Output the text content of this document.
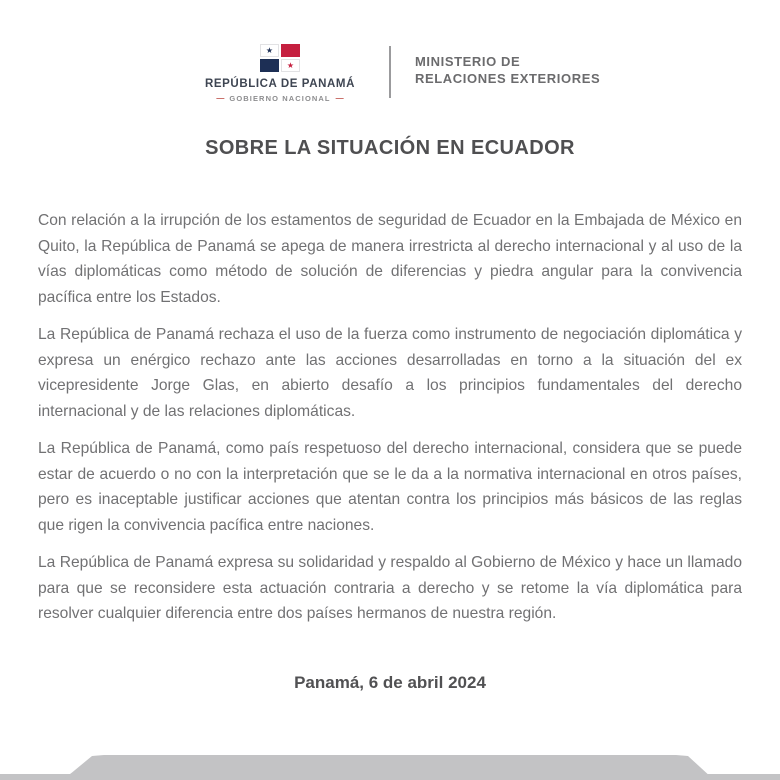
★
★
REPÚBLICA DE PANAMÁ
— GOBIERNO NACIONAL —
MINISTERIO DE
RELACIONES EXTERIORES
SOBRE LA SITUACIÓN EN ECUADOR

Con relación a la irrupción de los estamentos de seguridad de Ecuador en la Embajada de México en Quito, la República de Panamá se apega de manera irrestricta al derecho internacional y al uso de la vías diplomáticas como método de solución de diferencias y piedra angular para la convivencia pacífica entre los Estados.

La República de Panamá rechaza el uso de la fuerza como instrumento de negociación diplomática y expresa un enérgico rechazo ante las acciones desarrolladas en torno a la situación del ex vicepresidente Jorge Glas, en abierto desafío a los principios fundamentales del derecho internacional y de las relaciones diplomáticas.

La República de Panamá, como país respetuoso del derecho internacional, considera que se puede estar de acuerdo o no con la interpretación que se le da a la normativa internacional en otros países, pero es inaceptable justificar acciones que atentan contra los principios más básicos de las reglas que rigen la convivencia pacífica entre naciones.

La República de Panamá expresa su solidaridad y respaldo al Gobierno de México y hace un llamado para que se reconsidere esta actuación contraria a derecho y se retome la vía diplomática para resolver cualquier diferencia entre dos países hermanos de nuestra región.

Panamá, 6 de abril 2024
